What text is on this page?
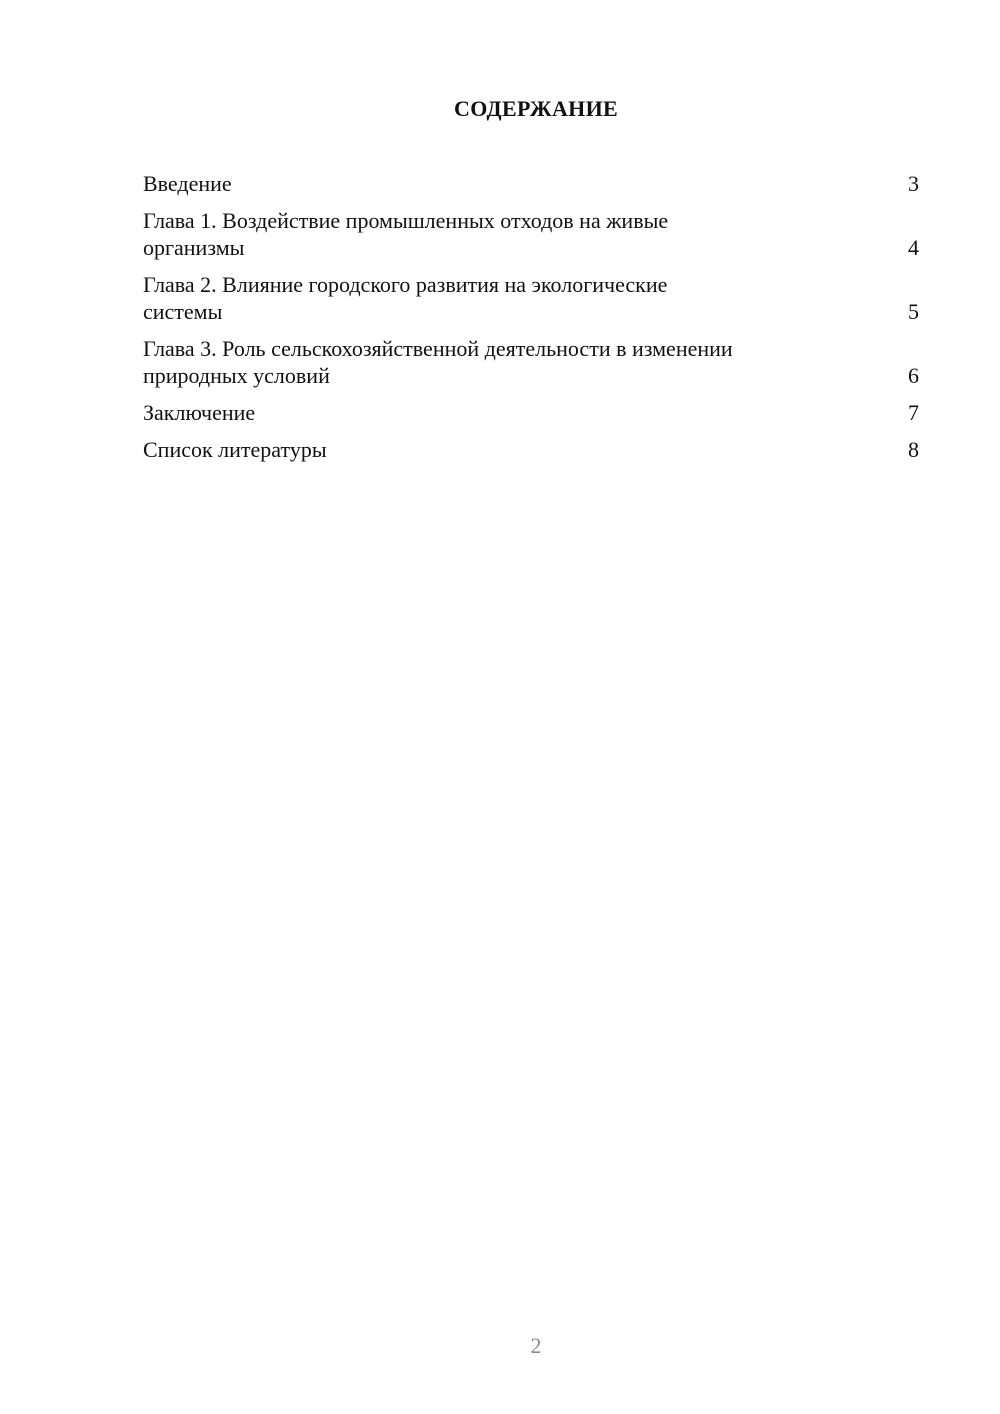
СОДЕРЖАНИЕ
Введение	3
Глава 1. Воздействие промышленных отходов на живые
организмы	4
Глава 2. Влияние городского развития на экологические
системы	5
Глава 3. Роль сельскохозяйственной деятельности в изменении
природных условий	6
Заключение	7
Список литературы	8
2
